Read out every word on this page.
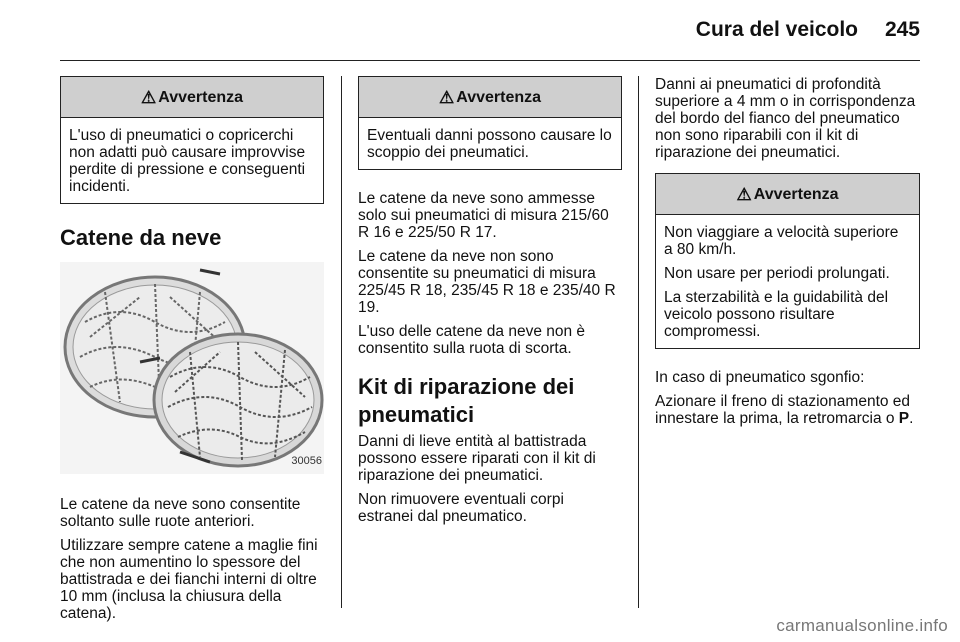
Cura del veicolo 245
⚠ Avvertenza

L'uso di pneumatici o copricerchi non adatti può causare improvvise perdite di pressione e conseguenti incidenti.

Catene da neve
30056

Le catene da neve sono consentite soltanto sulle ruote anteriori.

Utilizzare sempre catene a maglie fini che non aumentino lo spessore del battistrada e dei fianchi interni di oltre 10 mm (inclusa la chiusura della catena).

⚠ Avvertenza

Eventuali danni possono causare lo scoppio dei pneumatici.

Le catene da neve sono ammesse solo sui pneumatici di misura 215/60 R 16 e 225/50 R 17.

Le catene da neve non sono consentite su pneumatici di misura 225/45 R 18, 235/45 R 18 e 235/40 R 19.

L'uso delle catene da neve non è consentito sulla ruota di scorta.

Kit di riparazione dei pneumatici

Danni di lieve entità al battistrada possono essere riparati con il kit di riparazione dei pneumatici.

Non rimuovere eventuali corpi estranei dal pneumatico.

Danni ai pneumatici di profondità superiore a 4 mm o in corrispondenza del bordo del fianco del pneumatico non sono riparabili con il kit di riparazione dei pneumatici.

⚠ Avvertenza

Non viaggiare a velocità superiore a 80 km/h.

Non usare per periodi prolungati.

La sterzabilità e la guidabilità del veicolo possono risultare compromessi.

In caso di pneumatico sgonfio:

Azionare il freno di stazionamento ed innestare la prima, la retromarcia o P.

carmanualsonline.info
